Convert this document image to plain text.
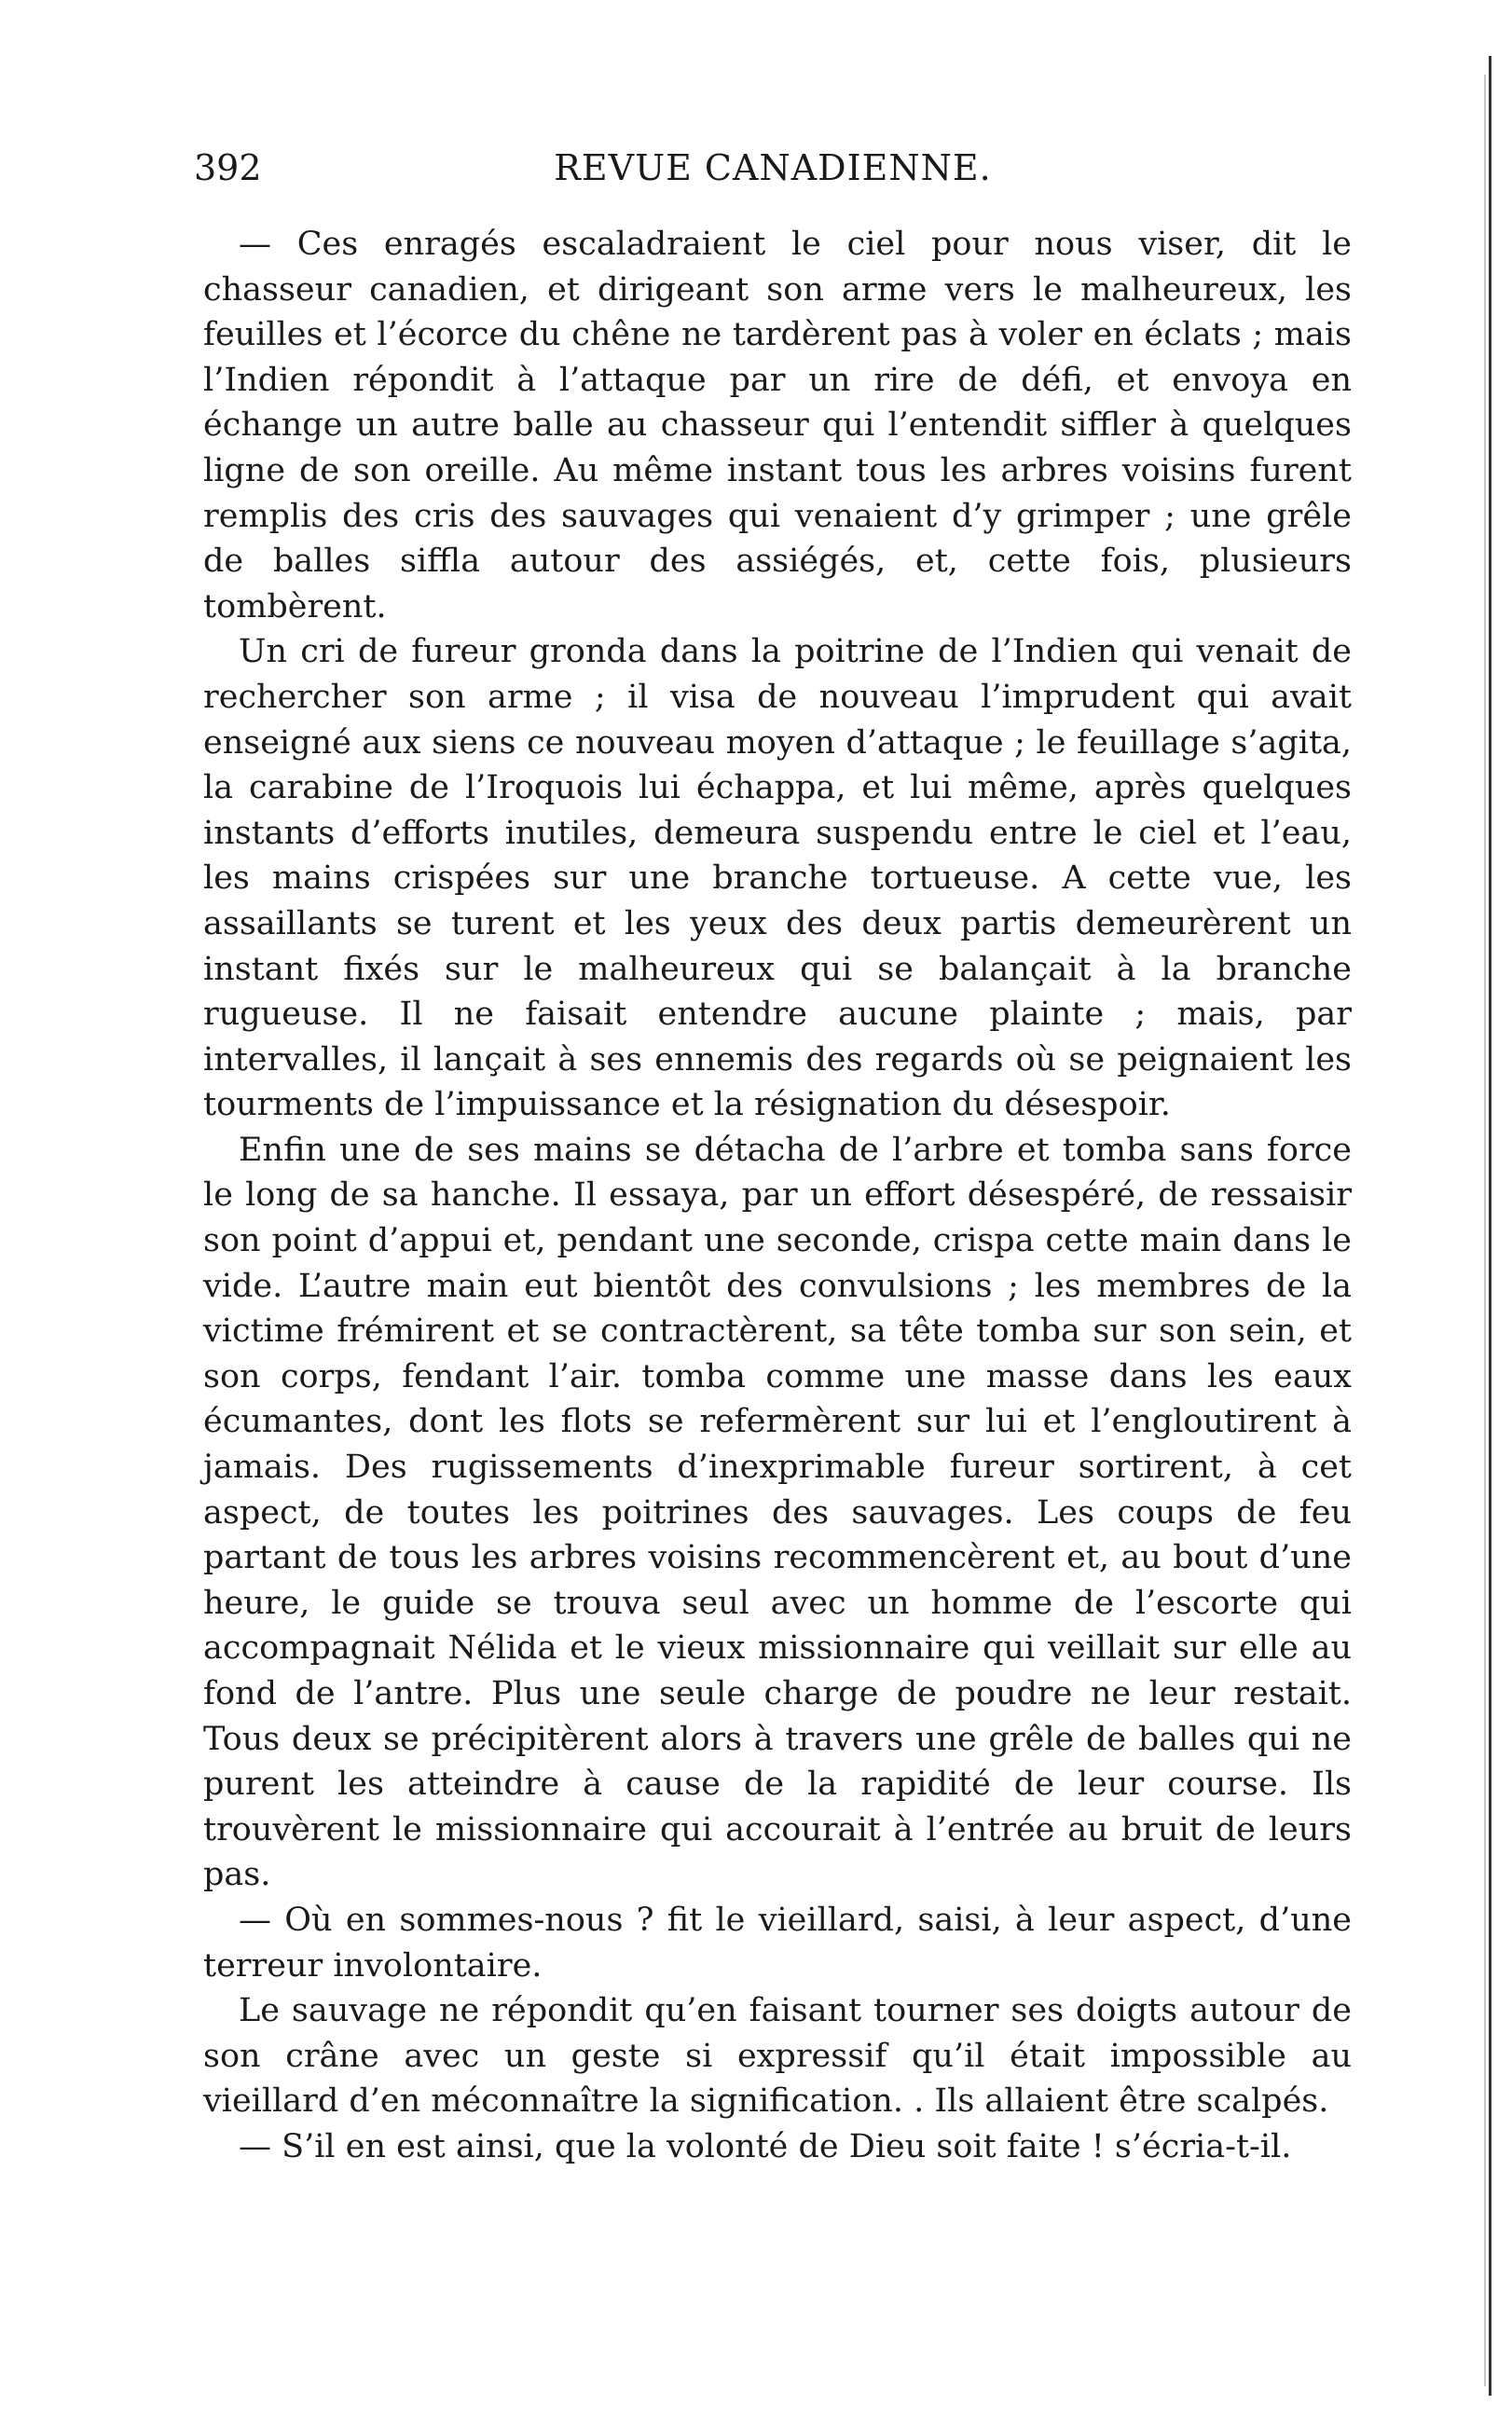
392	REVUE CANADIENNE.

— Ces enragés escaladraient le ciel pour nous viser, dit le chasseur canadien, et dirigeant son arme vers le malheureux, les feuilles et l’écorce du chêne ne tardèrent pas à voler en éclats ; mais l’Indien répondit à l’attaque par un rire de défi, et envoya en échange un autre balle au chasseur qui l’entendit siffler à quelques ligne de son oreille. Au même instant tous les arbres voisins furent remplis des cris des sauvages qui venaient d’y grimper ; une grêle de balles siffla autour des assiégés, et, cette fois, plusieurs tombèrent.

Un cri de fureur gronda dans la poitrine de l’Indien qui venait de rechercher son arme ; il visa de nouveau l’imprudent qui avait enseigné aux siens ce nouveau moyen d’attaque ; le feuillage s’agita, la carabine de l’Iroquois lui échappa, et lui même, après quelques instants d’efforts inutiles, demeura suspendu entre le ciel et l’eau, les mains crispées sur une branche tortueuse. A cette vue, les assaillants se turent et les yeux des deux partis demeurèrent un instant fixés sur le malheureux qui se balançait à la branche rugueuse. Il ne faisait entendre aucune plainte ; mais, par intervalles, il lançait à ses ennemis des regards où se peignaient les tourments de l’impuissance et la résignation du désespoir.

Enfin une de ses mains se détacha de l’arbre et tomba sans force le long de sa hanche. Il essaya, par un effort désespéré, de ressaisir son point d’appui et, pendant une seconde, crispa cette main dans le vide. L’autre main eut bientôt des convulsions ; les membres de la victime frémirent et se contractèrent, sa tête tomba sur son sein, et son corps, fendant l’air. tomba comme une masse dans les eaux écumantes, dont les flots se refermèrent sur lui et l’engloutirent à jamais. Des rugissements d’inexprimable fureur sortirent, à cet aspect, de toutes les poitrines des sauvages. Les coups de feu partant de tous les arbres voisins recommencèrent et, au bout d’une heure, le guide se trouva seul avec un homme de l’escorte qui accompagnait Nélida et le vieux missionnaire qui veillait sur elle au fond de l’antre. Plus une seule charge de poudre ne leur restait. Tous deux se précipitèrent alors à travers une grêle de balles qui ne purent les atteindre à cause de la rapidité de leur course. Ils trouvèrent le missionnaire qui accourait à l’entrée au bruit de leurs pas.

— Où en sommes-nous ? fit le vieillard, saisi, à leur aspect, d’une terreur involontaire.

Le sauvage ne répondit qu’en faisant tourner ses doigts autour de son crâne avec un geste si expressif qu’il était impossible au vieillard d’en méconnaître la signification. . Ils allaient être scalpés.

— S’il en est ainsi, que la volonté de Dieu soit faite ! s’écria-t-il.
